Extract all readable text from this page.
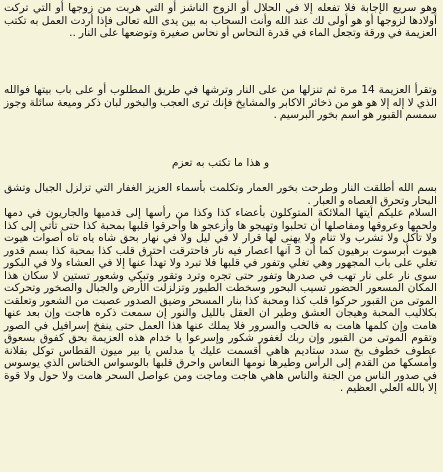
وهو سريع الإجابة فلا تفعله إلا في الحلال أو الزوج الناشز أو التي هربت من زوجها أو التي تركت أولادها لزوجها أو هو أولى لك عند الله وأنت السحاب به بين يدى الله تعالى فإذا أردت العمل به تكتب العزيمة في ورقة وتجعل الماء في قدرة النحاس أو نحاس صغيرة وتوضعها على النار ..

وتقرأ العزيمة 14 مرة ثم تنزلها من على النار وترشها في طريق المطلوب أو على باب بيتها فوالله الذي لا إله إلا هو هو من ذخائر الاكابر والمشايخ فإنك ترى العجب والبخور لبان ذكر وميعة سائلة وجوز سمسم القبور هو اسم بخور البرسيم .

و هذا ما تكتب به تعزم

بسم الله أطلقت النار وطرحت بخور العمار وتكلمت بأسماء العزيز الغفار التي تزلزل الجبال وتشق البحار وتحرق العصاه و العبار .

السلام عليكم أيتها الملائكة المتوكلون بأعضاء كذا وكذا من رأسها إلى قدميها والجاريون في دمها ولحمها وعروقها ومفاصلها أن تحلبوا وتهيجو ها وأزعجو ها وأحرقوا قلبها بمحبة كذا حتى تأتي إلى كذا ولا تأكل ولا تشرب ولا تنام ولا يهنى لها قرار لا في ليل ولا في نهار بحق شاه ياه تاه أصوات هيوت هيوت أبرسوت برهيون كما أن 3 آنها اعصار فيه نار فاحترقت احترق قلب كذا بمحبة كذا بسم قدور تغلي على باب المجهور وهي تغلي وتفور في قلبها فلا تبرد ولا تهدأ عنها إلا في العشاء ولا في البكور سوى نار على نار تهب في صدرها وتفور حتى تجره وترد وتقور وتبكي وشعور تستين لا سكان هذا المكان المسعور الحضور تسيب البحور وسخطت الطيور وتزلزلت الأرض والجبال والصخور وتحركت الموتى من القبور حركوا قلب كذا ومحبة كذا بنار المسحر وضيق الصدور عصبت من الشعور وتعلقت بكلاليب المحبة وهيجان العشق وطير ان العقل بالليل والنور إن سمعت ذكره هاجت وإن بعد عنها هامت وإن كلمها هامت به فالحب والسرور فلا يملك عنها هذا العمل حتى ينفخ إسرافيل في الصور وتقوم الموتى من القبور وإن ربك لغفور شكور وإسرعوا يا خدام هذه العزيمة بحق كفوق بسعوق عطوف خطوف بخ سدد ستاديم هاهي أقسمت عليك يا مدلس يا بير ميون القطاس توكل بقلانة وأمسكها من القدم إلى الرأس وطيرها نومها النعاس واحرق قلبها بالوسواس الخناس الذي يوسوس في صدور الناس من الجنة والناس هاهي هاجت وماجت ومن عواصل السحر هامت ولا حول ولا قوة إلا بالله العلي العظيم .
